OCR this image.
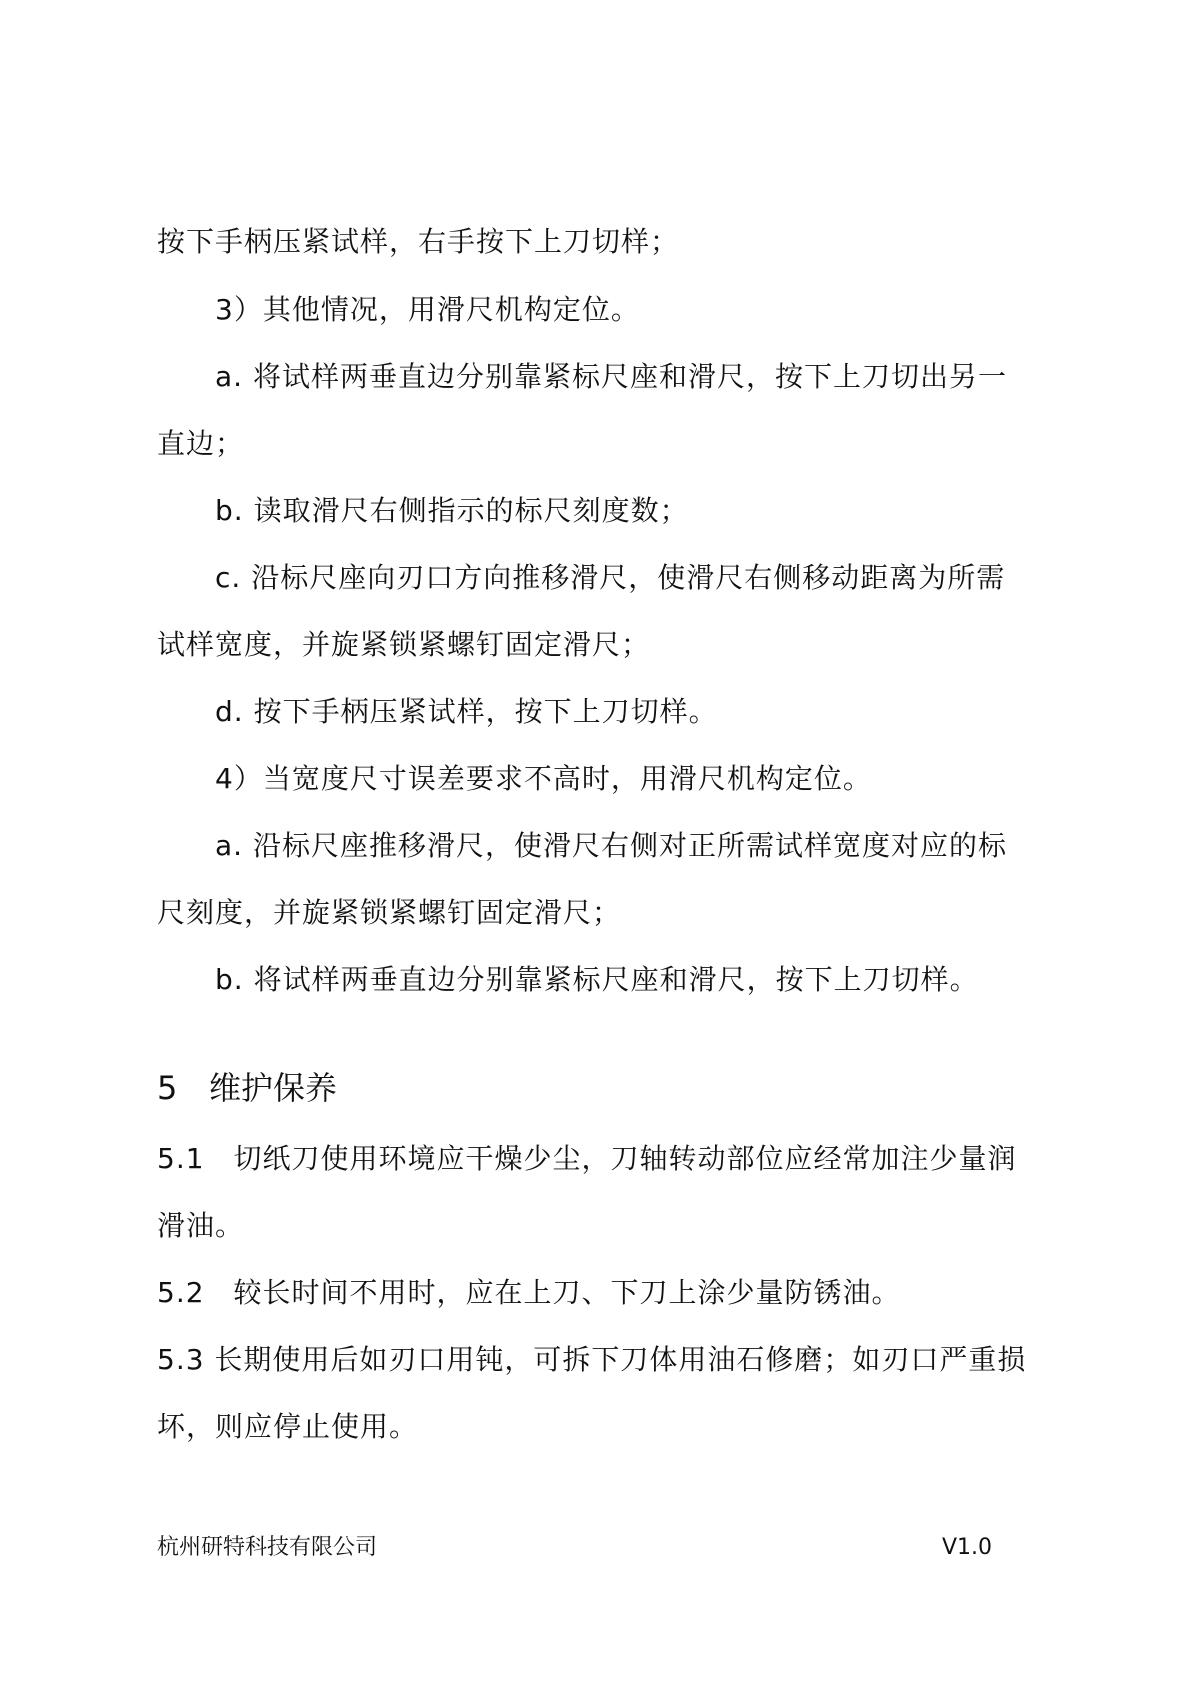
按下手柄压紧试样，右手按下上刀切样；
3）其他情况，用滑尺机构定位。
a. 将试样两垂直边分别靠紧标尺座和滑尺，按下上刀切出另一
直边；
b. 读取滑尺右侧指示的标尺刻度数；
c. 沿标尺座向刃口方向推移滑尺，使滑尺右侧移动距离为所需
试样宽度，并旋紧锁紧螺钉固定滑尺；
d. 按下手柄压紧试样，按下上刀切样。
4）当宽度尺寸误差要求不高时，用滑尺机构定位。
a. 沿标尺座推移滑尺，使滑尺右侧对正所需试样宽度对应的标
尺刻度，并旋紧锁紧螺钉固定滑尺；
b. 将试样两垂直边分别靠紧标尺座和滑尺，按下上刀切样。
5 维护保养
5.1　切纸刀使用环境应干燥少尘，刀轴转动部位应经常加注少量润
滑油。
5.2　较长时间不用时，应在上刀、下刀上涂少量防锈油。
5.3 长期使用后如刃口用钝，可拆下刀体用油石修磨；如刃口严重损
坏，则应停止使用。
杭州研特科技有限公司	V1.0
